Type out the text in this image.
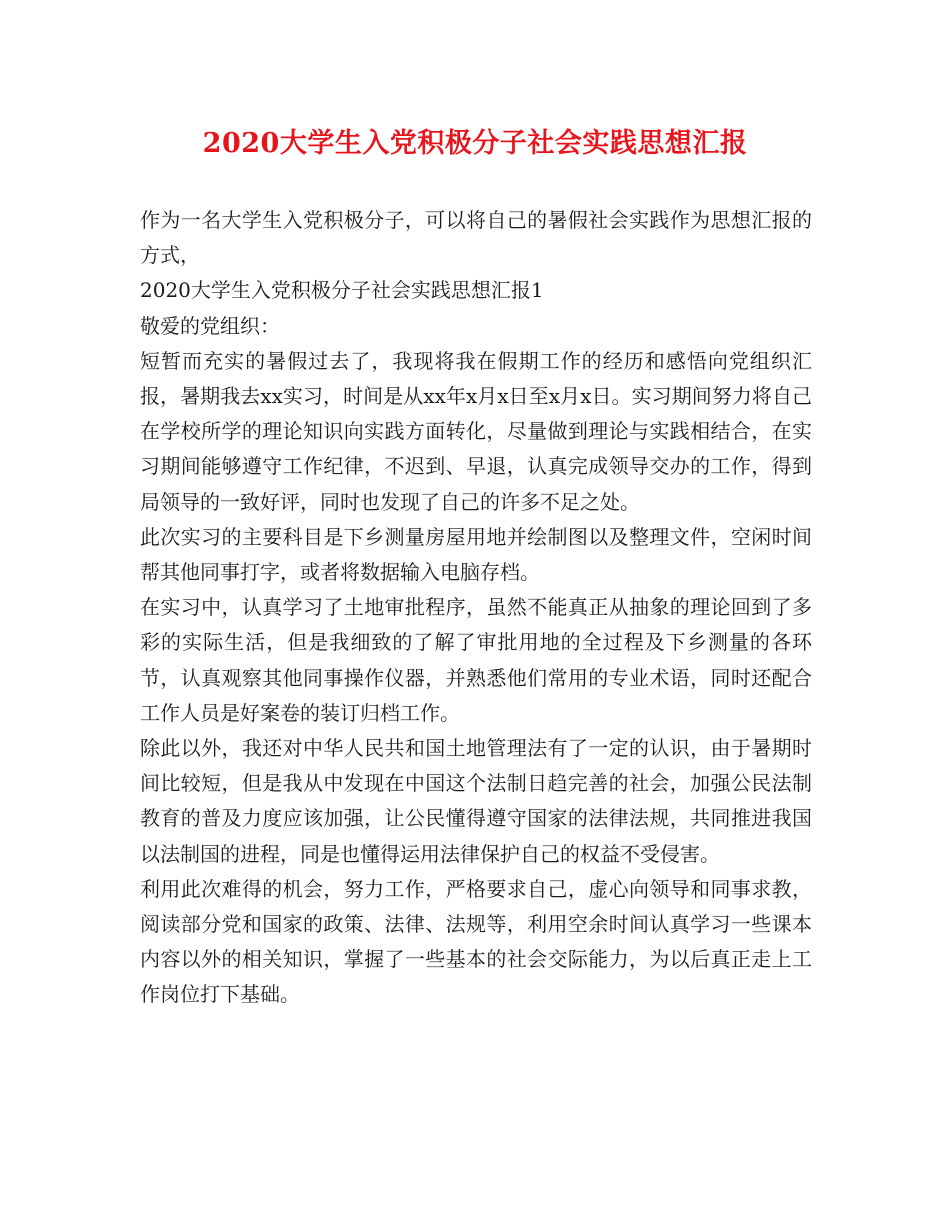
2020大学生入党积极分子社会实践思想汇报

作为一名大学生入党积极分子，可以将自己的暑假社会实践作为思想汇报的方式，

2020大学生入党积极分子社会实践思想汇报1

敬爱的党组织：

短暂而充实的暑假过去了，我现将我在假期工作的经历和感悟向党组织汇报，暑期我去xx实习，时间是从xx年x月x日至x月x日。实习期间努力将自己在学校所学的理论知识向实践方面转化，尽量做到理论与实践相结合，在实习期间能够遵守工作纪律，不迟到、早退，认真完成领导交办的工作，得到局领导的一致好评，同时也发现了自己的许多不足之处。

此次实习的主要科目是下乡测量房屋用地并绘制图以及整理文件，空闲时间帮其他同事打字，或者将数据输入电脑存档。

在实习中，认真学习了土地审批程序，虽然不能真正从抽象的理论回到了多彩的实际生活，但是我细致的了解了审批用地的全过程及下乡测量的各环节，认真观察其他同事操作仪器，并熟悉他们常用的专业术语，同时还配合工作人员是好案卷的装订归档工作。

除此以外，我还对中华人民共和国土地管理法有了一定的认识，由于暑期时间比较短，但是我从中发现在中国这个法制日趋完善的社会，加强公民法制教育的普及力度应该加强，让公民懂得遵守国家的法律法规，共同推进我国以法制国的进程，同是也懂得运用法律保护自己的权益不受侵害。

利用此次难得的机会，努力工作，严格要求自己，虚心向领导和同事求教，阅读部分党和国家的政策、法律、法规等，利用空余时间认真学习一些课本内容以外的相关知识，掌握了一些基本的社会交际能力，为以后真正走上工作岗位打下基础。
